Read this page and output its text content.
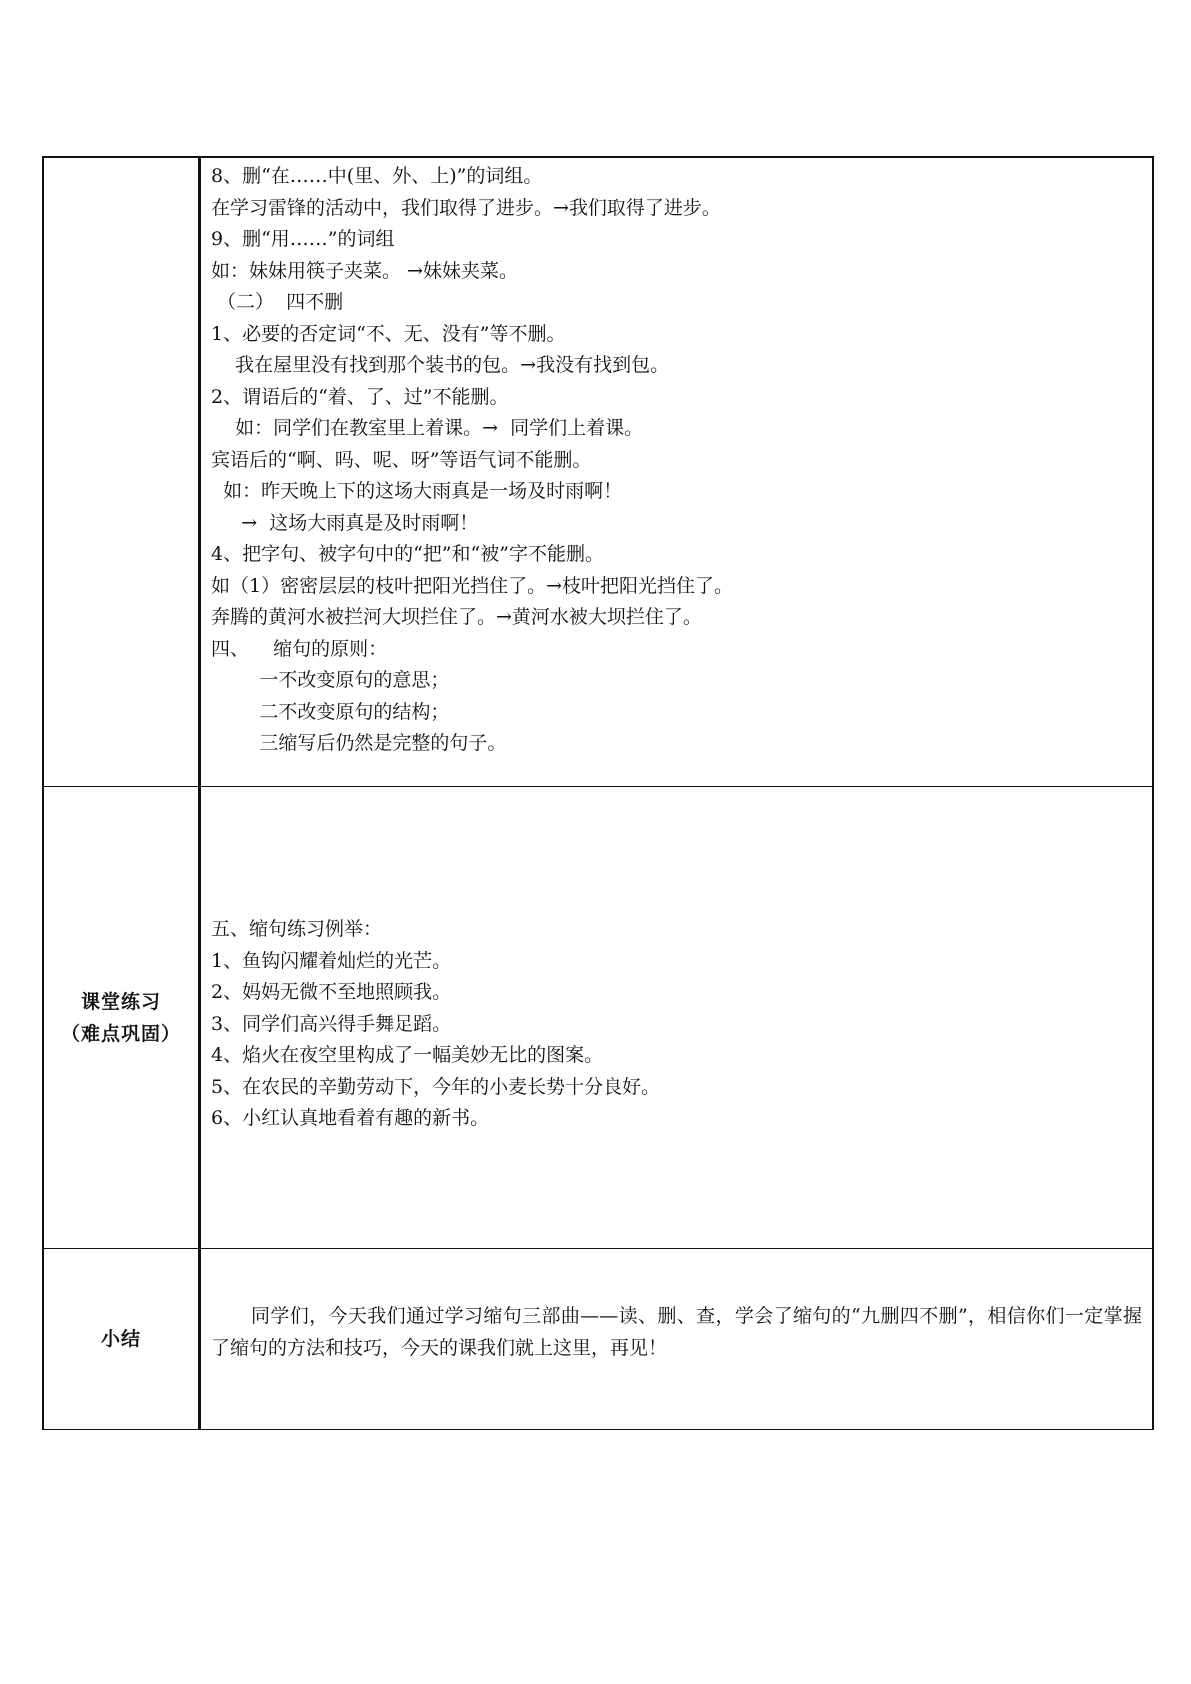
8、删“在……中(里、外、上)”的词组。
在学习雷锋的活动中，我们取得了进步。→我们取得了进步。
9、删“用……”的词组
如：妹妹用筷子夹菜。 →妹妹夹菜。
（二）  四不删
1、必要的否定词“不、无、没有”等不删。
我在屋里没有找到那个装书的包。→我没有找到包。
2、谓语后的“着、了、过”不能删。
如：同学们在教室里上着课。→  同学们上着课。
宾语后的“啊、吗、呢、呀”等语气词不能删。
如：昨天晚上下的这场大雨真是一场及时雨啊！
→  这场大雨真是及时雨啊！
4、把字句、被字句中的“把”和“被”字不能删。
如（1）密密层层的枝叶把阳光挡住了。→枝叶把阳光挡住了。
奔腾的黄河水被拦河大坝拦住了。→黄河水被大坝拦住了。
四、    缩句的原则：
一不改变原句的意思；
二不改变原句的结构；
三缩写后仍然是完整的句子。
课堂练习
（难点巩固）
五、缩句练习例举：
1、鱼钩闪耀着灿烂的光芒。
2、妈妈无微不至地照顾我。
3、同学们高兴得手舞足蹈。
4、焰火在夜空里构成了一幅美妙无比的图案。
5、在农民的辛勤劳动下，今年的小麦长势十分良好。
6、小红认真地看着有趣的新书。
小结
同学们，今天我们通过学习缩句三部曲——读、删、查，学会了缩句的“九删四不删”，相信你们一定掌握了缩句的方法和技巧，今天的课我们就上这里，再见！
